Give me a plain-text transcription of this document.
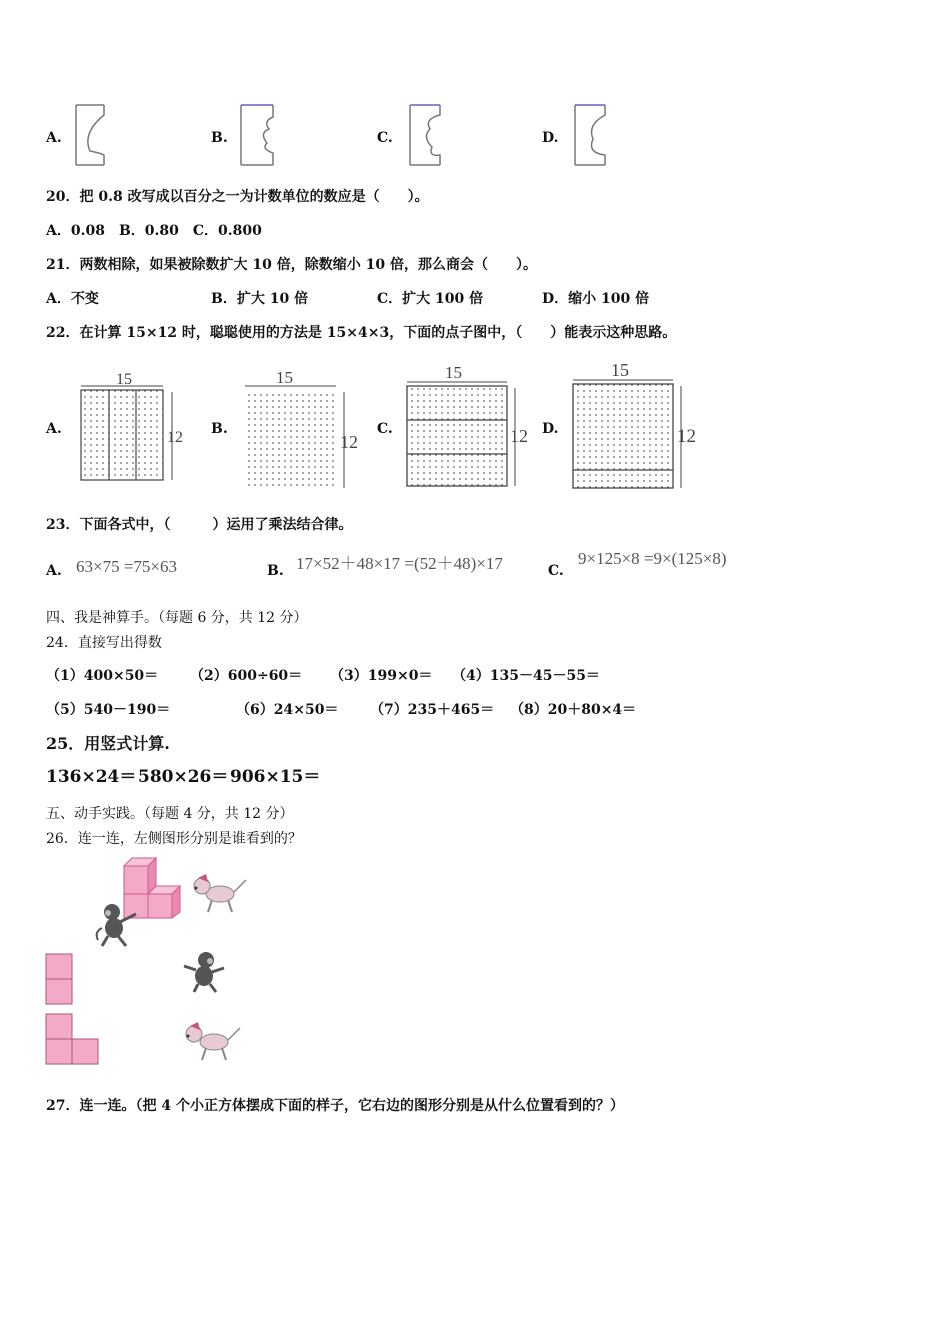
A.	B.	C.	D.
20．把 0.8 改写成以百分之一为计数单位的数应是（　　）。
A．0.08　B．0.80　C．0.800
21．两数相除，如果被除数扩大 10 倍，除数缩小 10 倍，那么商会（　　）。
A．不变	B．扩大 10 倍	C．扩大 100 倍	D．缩小 100 倍
22．在计算 15×12 时，聪聪使用的方法是 15×4×3，下面的点子图中，（　　）能表示这种思路。
A.
15
12 B.
15
12
C.
15
12 D.
15
12
23．下面各式中，（　　　）运用了乘法结合律。
A. 63×75 =75×63	B. 17×52＋48×17 =(52＋48)×17	C.
9×125×8 =9×(125×8)
四、我是神算手。（每题 6 分，共 12 分）
24．直接写出得数
（1）400×50＝ （2）600÷60＝ （3）199×0＝ （4）135－45－55＝
（5）540－190＝	（6）24×50＝ （7）235＋465＝ （8）20＋80×4＝
25．用竖式计算.
136×24＝ 580×26＝ 906×15＝
五、动手实践。（每题 4 分，共 12 分）
26．连一连，左侧图形分别是谁看到的？
27．连一连。（把 4 个小正方体摆成下面的样子，它右边的图形分别是从什么位置看到的？）
